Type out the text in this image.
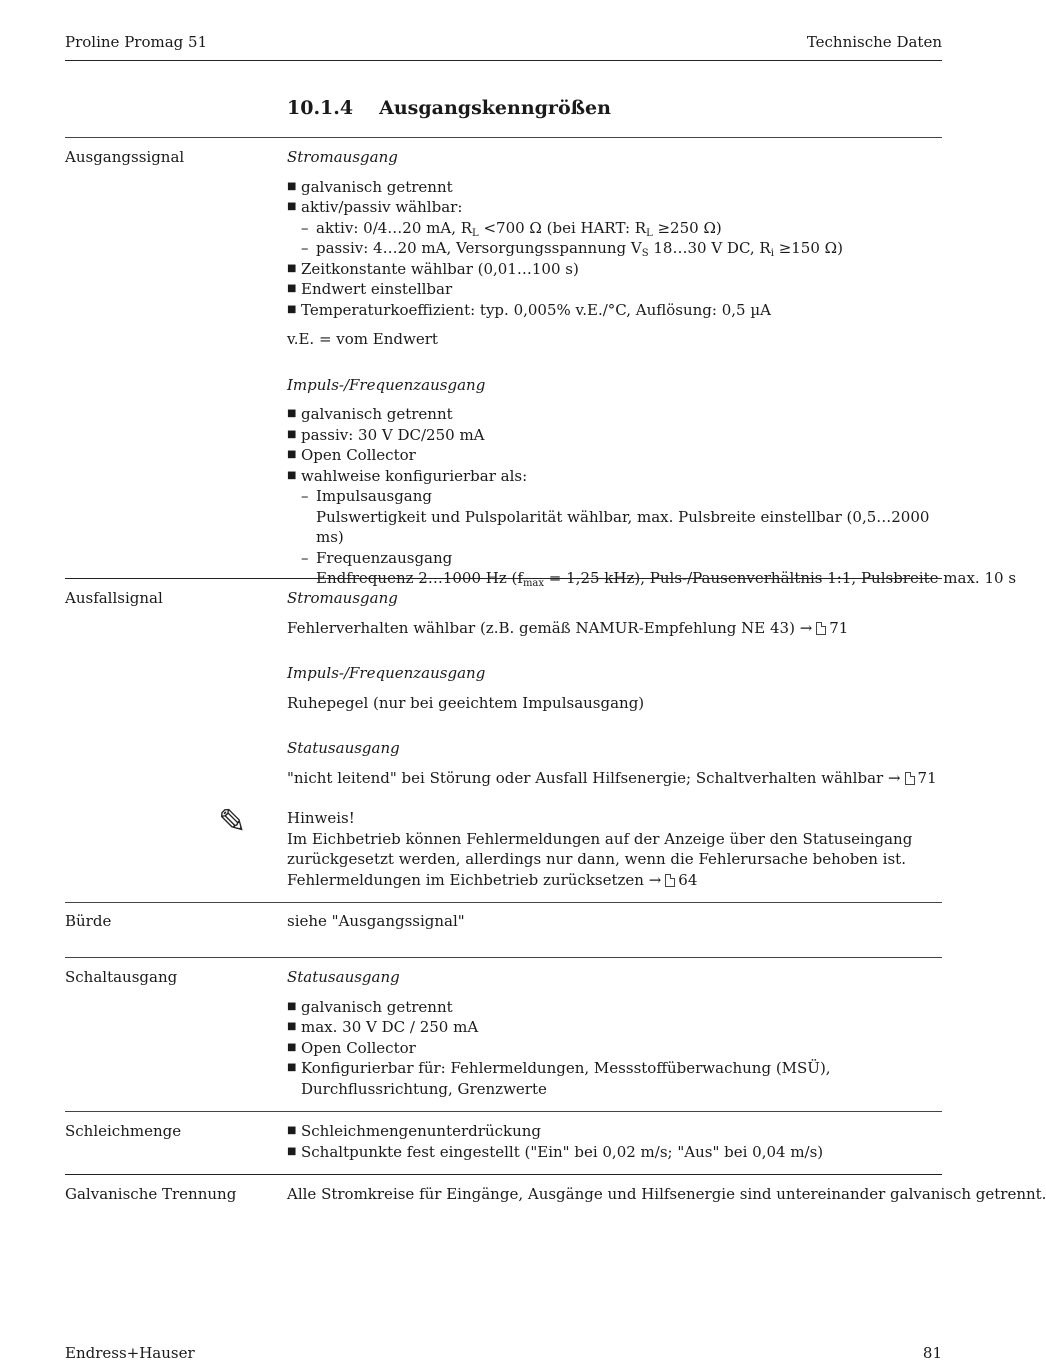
Proline Promag 51	Technische Daten
10.1.4 Ausgangskenngrößen
Ausgangssignal	Stromausgang
■ galvanisch getrennt
■ aktiv/passiv wählbar:
– aktiv: 0/4…20 mA, $R_L <700$ Ω (bei HART: $R_L \ge 250$ Ω)
– passiv: 4…20 mA, Versorgungsspannung $V_S$ 18…30 V DC, $R_i \ge 150$ Ω)
■ Zeitkonstante wählbar (0,01…100 s)
■ Endwert einstellbar
■ Temperaturkoeffizient: typ. 0,005% v.E./°C, Auflösung: 0,5 µA
v.E. = vom Endwert
Impuls-/Frequenzausgang
■ galvanisch getrennt
■ passiv: 30 V DC/250 mA
■ Open Collector
■ wahlweise konfigurierbar als:
– Impulsausgang
Pulswertigkeit und Pulspolarität wählbar, max. Pulsbreite einstellbar (0,5…2000 ms)
– Frequenzausgang
Endfrequenz 2…1000 Hz ($f_{max} = 1,25$ kHz), Puls-/Pausenverhältnis 1:1, Pulsbreite max. 10 s
Ausfallsignal	Stromausgang
Fehlerverhalten wählbar (z.B. gemäß NAMUR-Empfehlung NE 43) → 71
Impuls-/Frequenzausgang
Ruhepegel (nur bei geeichtem Impulsausgang)
Statusausgang
"nicht leitend" bei Störung oder Ausfall Hilfsenergie; Schaltverhalten wählbar → 71
Hinweis!
Im Eichbetrieb können Fehlermeldungen auf der Anzeige über den Statuseingang zurückgesetzt werden, allerdings nur dann, wenn die Fehlerursache behoben ist.
Fehlermeldungen im Eichbetrieb zurücksetzen → 64
✎
Bürde	siehe "Ausgangssignal"
Schaltausgang	Statusausgang
■ galvanisch getrennt
■ max. 30 V DC / 250 mA
■ Open Collector
■ Konfigurierbar für: Fehlermeldungen, Messstoffüberwachung (MSÜ), Durchflussrichtung, Grenzwerte
Schleichmenge
■	Schleichmengenunterdrückung
■ Schaltpunkte fest eingestellt ("Ein" bei 0,02 m/s; "Aus" bei 0,04 m/s)
Galvanische Trennung	Alle Stromkreise für Eingänge, Ausgänge und Hilfsenergie sind untereinander galvanisch getrennt.
Endress+Hauser	81
